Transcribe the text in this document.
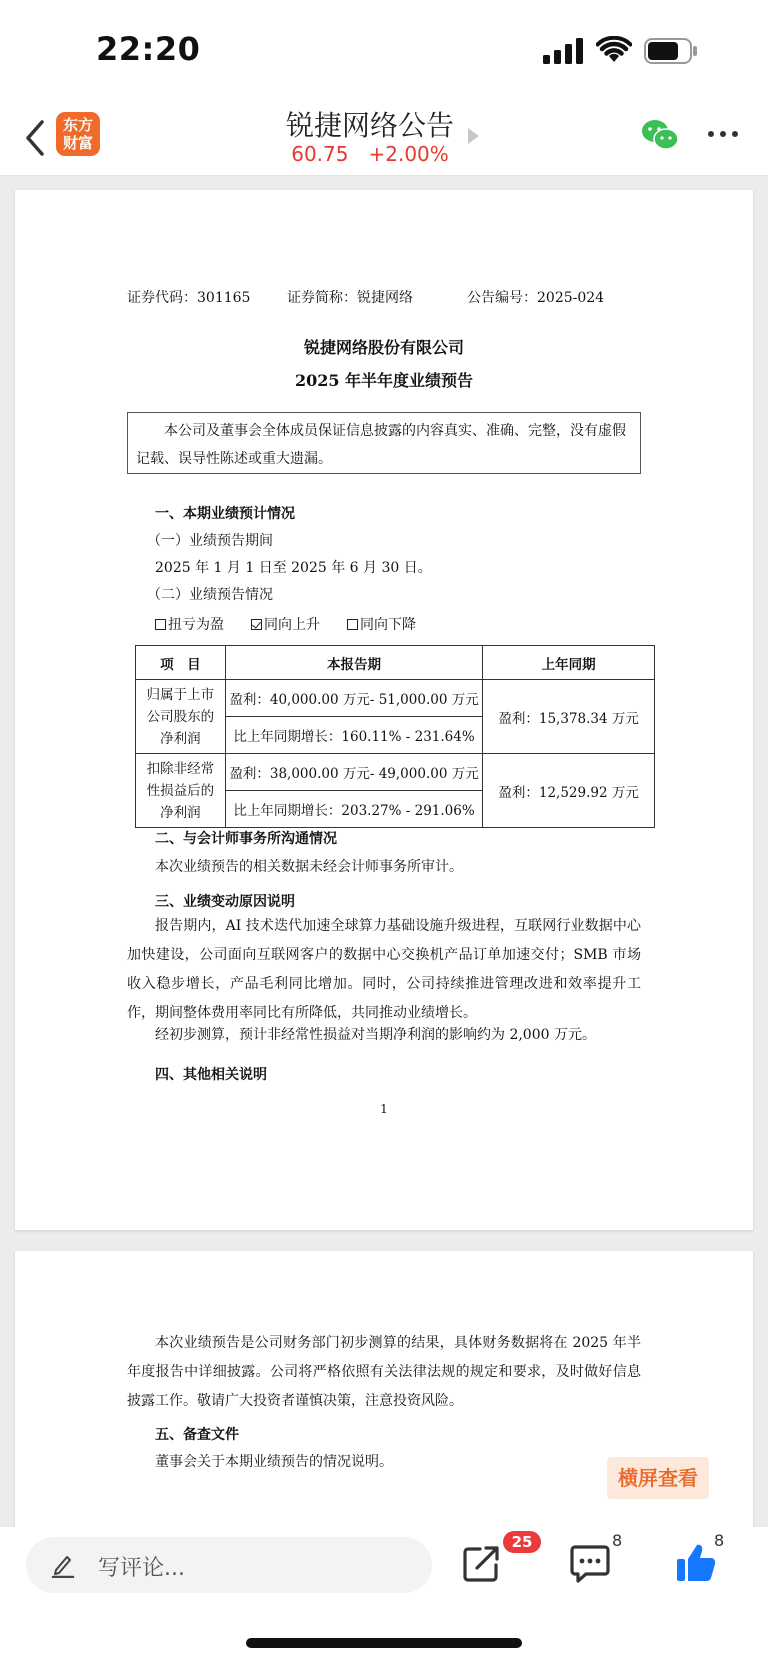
22:20
东方
财富
锐捷网络公告
60.75 +2.00%
证券代码：301165	证券简称：锐捷网络	公告编号：2025-024
锐捷网络股份有限公司
2025 年半年度业绩预告
本公司及董事会全体成员保证信息披露的内容真实、准确、完整，没有虚假记载、误导性陈述或重大遗漏。
一、本期业绩预计情况
（一）业绩预告期间
2025 年 1 月 1 日至 2025 年 6 月 30 日。
（二）业绩预告情况
扭亏为盈	同向上升	同向下降
项　目	本报告期	上年同期
归属于上市公司股东的净利润	盈利：40,000.00 万元- 51,000.00 万元	盈利：15,378.34 万元
	比上年同期增长：160.11% - 231.64%	
扣除非经常性损益后的净利润	盈利：38,000.00 万元- 49,000.00 万元	盈利：12,529.92 万元
	比上年同期增长：203.27% - 291.06%	
二、与会计师事务所沟通情况
本次业绩预告的相关数据未经会计师事务所审计。
三、业绩变动原因说明
报告期内，AI 技术迭代加速全球算力基础设施升级进程，互联网行业数据中心加快建设，公司面向互联网客户的数据中心交换机产品订单加速交付；SMB 市场收入稳步增长，产品毛利同比增加。同时，公司持续推进管理改进和效率提升工作，期间整体费用率同比有所降低，共同推动业绩增长。
经初步测算，预计非经常性损益对当期净利润的影响约为 2,000 万元。
四、其他相关说明
1
本次业绩预告是公司财务部门初步测算的结果，具体财务数据将在 2025 年半年度报告中详细披露。公司将严格依照有关法律法规的规定和要求，及时做好信息披露工作。敬请广大投资者谨慎决策，注意投资风险。
五、备查文件
董事会关于本期业绩预告的情况说明。
横屏查看
写评论...
25	8	8
